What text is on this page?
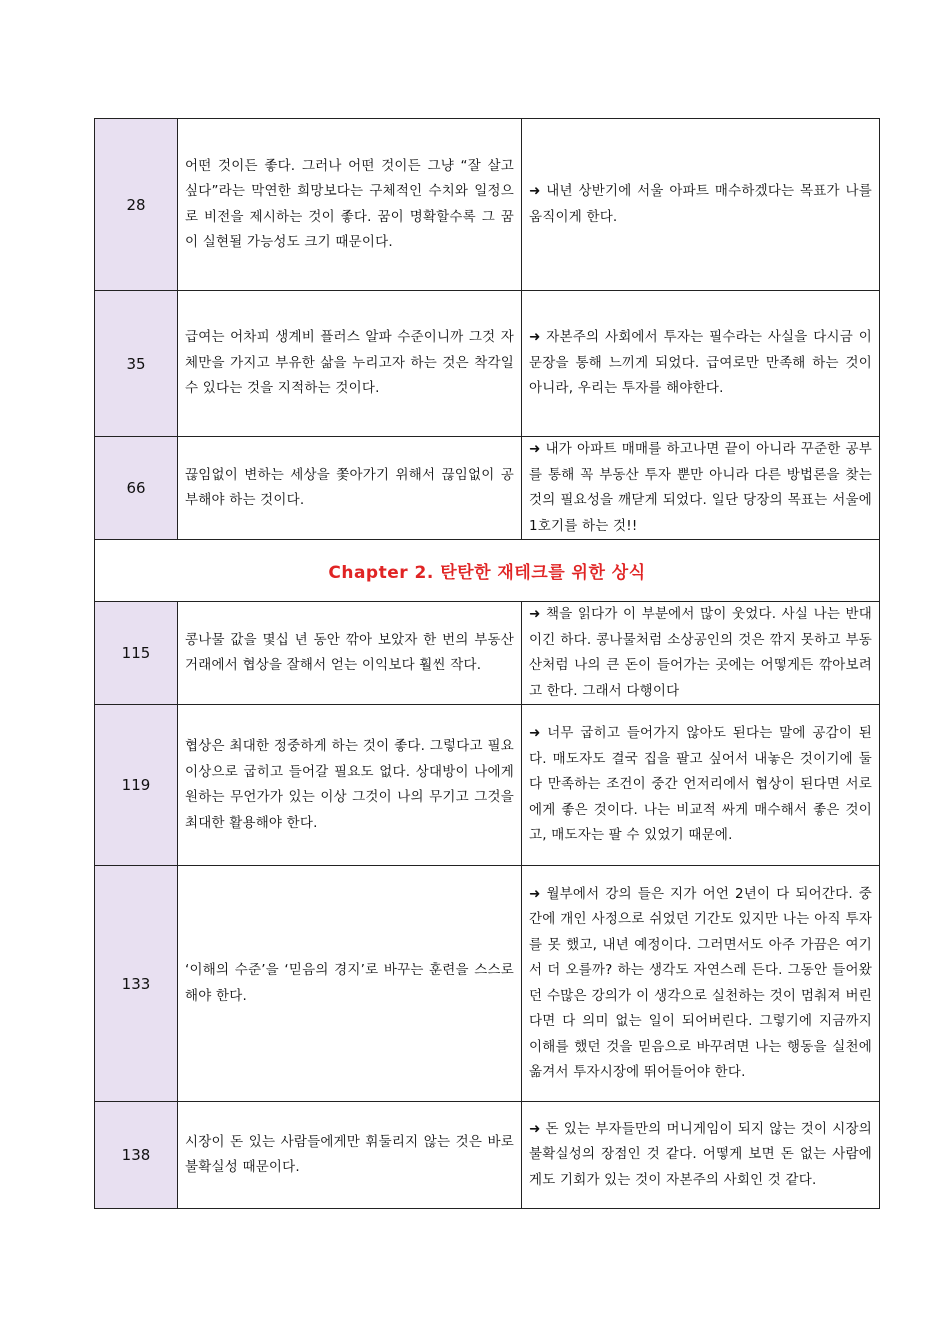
28	어떤 것이든 좋다. 그러나 어떤 것이든 그냥 “잘 살고 싶다”라는 막연한 희망보다는 구체적인 수치와 일정으로 비전을 제시하는 것이 좋다. 꿈이 명확할수록 그 꿈이 실현될 가능성도 크기 때문이다.	➜ 내년 상반기에 서울 아파트 매수하겠다는 목표가 나를 움직이게 한다.
35	급여는 어차피 생계비 플러스 알파 수준이니까 그것 자체만을 가지고 부유한 삶을 누리고자 하는 것은 착각일 수 있다는 것을 지적하는 것이다.	➜ 자본주의 사회에서 투자는 필수라는 사실을 다시금 이 문장을 통해 느끼게 되었다. 급여로만 만족해 하는 것이 아니라, 우리는 투자를 해야한다.
66	끊임없이 변하는 세상을 쫓아가기 위해서 끊임없이 공부해야 하는 것이다.	➜ 내가 아파트 매매를 하고나면 끝이 아니라 꾸준한 공부를 통해 꼭 부동산 투자 뿐만 아니라 다른 방법론을 찾는 것의 필요성을 깨닫게 되었다. 일단 당장의 목표는 서울에 1호기를 하는 것!!
Chapter 2. 탄탄한 재테크를 위한 상식		
115	콩나물 값을 몇십 년 동안 깎아 보았자 한 번의 부동산 거래에서 협상을 잘해서 얻는 이익보다 훨씬 작다.	➜ 책을 읽다가 이 부분에서 많이 웃었다. 사실 나는 반대이긴 하다. 콩나물처럼 소상공인의 것은 깎지 못하고 부동산처럼 나의 큰 돈이 들어가는 곳에는 어떻게든 깎아보려고 한다. 그래서 다행이다
119	협상은 최대한 정중하게 하는 것이 좋다. 그렇다고 필요 이상으로 굽히고 들어갈 필요도 없다. 상대방이 나에게 원하는 무언가가 있는 이상 그것이 나의 무기고 그것을 최대한 활용해야 한다.	➜ 너무 굽히고 들어가지 않아도 된다는 말에 공감이 된다. 매도자도 결국 집을 팔고 싶어서 내놓은 것이기에 둘 다 만족하는 조건이 중간 언저리에서 협상이 된다면 서로에게 좋은 것이다. 나는 비교적 싸게 매수해서 좋은 것이고, 매도자는 팔 수 있었기 때문에.
133	‘이해의 수준’을 ‘믿음의 경지’로 바꾸는 훈련을 스스로 해야 한다.	➜ 월부에서 강의 들은 지가 어언 2년이 다 되어간다. 중간에 개인 사정으로 쉬었던 기간도 있지만 나는 아직 투자를 못 했고, 내년 예정이다. 그러면서도 아주 가끔은 여기서 더 오를까? 하는 생각도 자연스레 든다. 그동안 들어왔던 수많은 강의가 이 생각으로 실천하는 것이 멈춰져 버린다면 다 의미 없는 일이 되어버린다. 그렇기에 지금까지 이해를 했던 것을 믿음으로 바꾸려면 나는 행동을 실천에 옮겨서 투자시장에 뛰어들어야 한다.
138	시장이 돈 있는 사람들에게만 휘둘리지 않는 것은 바로 불확실성 때문이다.	➜ 돈 있는 부자들만의 머니게임이 되지 않는 것이 시장의 불확실성의 장점인 것 같다. 어떻게 보면 돈 없는 사람에게도 기회가 있는 것이 자본주의 사회인 것 같다.
